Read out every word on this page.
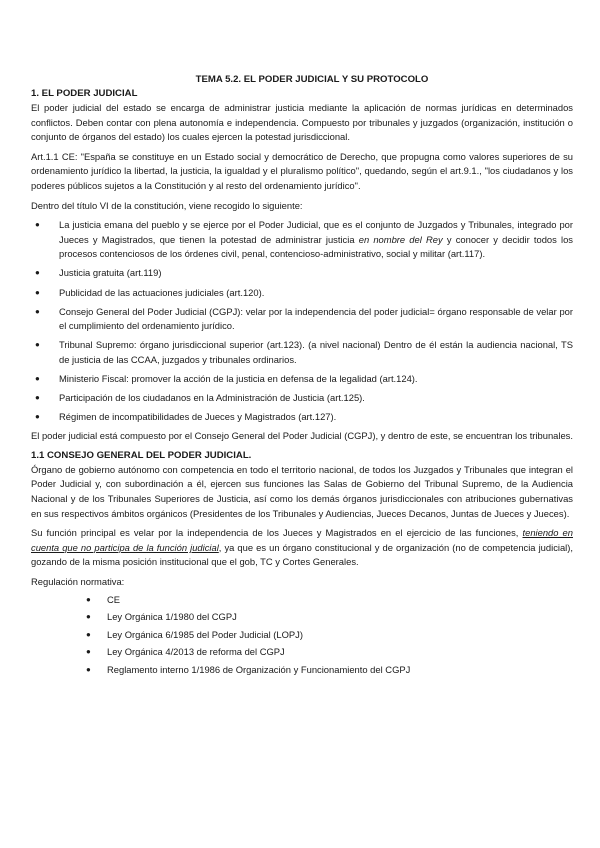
TEMA 5.2. EL PODER JUDICIAL Y SU PROTOCOLO
1. EL PODER JUDICIAL

El poder judicial del estado se encarga de administrar justicia mediante la aplicación de normas jurídicas en determinados conflictos. Deben contar con plena autonomía e independencia. Compuesto por tribunales y juzgados (organización, institución o conjunto de órganos del estado) los cuales ejercen la potestad jurisdiccional.

Art.1.1 CE: "España se constituye en un Estado social y democrático de Derecho, que propugna como valores superiores de su ordenamiento jurídico la libertad, la justicia, la igualdad y el pluralismo político", quedando, según el art.9.1., "los ciudadanos y los poderes públicos sujetos a la Constitución y al resto del ordenamiento jurídico".

Dentro del título VI de la constitución, viene recogido lo siguiente:

● La justicia emana del pueblo y se ejerce por el Poder Judicial, que es el conjunto de Juzgados y Tribunales, integrado por Jueces y Magistrados, que tienen la potestad de administrar justicia en nombre del Rey y conocer y decidir todos los procesos contenciosos de los órdenes civil, penal, contencioso-administrativo, social y militar (art.117).
● Justicia gratuita (art.119)
● Publicidad de las actuaciones judiciales (art.120).
● Consejo General del Poder Judicial (CGPJ): velar por la independencia del poder judicial= órgano responsable de velar por el cumplimiento del ordenamiento jurídico.
● Tribunal Supremo: órgano jurisdiccional superior (art.123). (a nivel nacional) Dentro de él están la audiencia nacional, TS de justicia de las CCAA, juzgados y tribunales ordinarios.
● Ministerio Fiscal: promover la acción de la justicia en defensa de la legalidad (art.124).
● Participación de los ciudadanos en la Administración de Justicia (art.125).
● Régimen de incompatibilidades de Jueces y Magistrados (art.127).

El poder judicial está compuesto por el Consejo General del Poder Judicial (CGPJ), y dentro de este, se encuentran los tribunales.

1.1 CONSEJO GENERAL DEL PODER JUDICIAL.

Órgano de gobierno autónomo con competencia en todo el territorio nacional, de todos los Juzgados y Tribunales que integran el Poder Judicial y, con subordinación a él, ejercen sus funciones las Salas de Gobierno del Tribunal Supremo, de la Audiencia Nacional y de los Tribunales Superiores de Justicia, así como los demás órganos jurisdiccionales con atribuciones gubernativas en sus respectivos ámbitos orgánicos (Presidentes de los Tribunales y Audiencias, Jueces Decanos, Juntas de Jueces y Jueces).

Su función principal es velar por la independencia de los Jueces y Magistrados en el ejercicio de las funciones, teniendo en cuenta que no participa de la función judicial, ya que es un órgano constitucional y de organización (no de competencia judicial), gozando de la misma posición institucional que el gob, TC y Cortes Generales.

Regulación normativa:
● CE
● Ley Orgánica 1/1980 del CGPJ
● Ley Orgánica 6/1985 del Poder Judicial (LOPJ)
● Ley Orgánica 4/2013 de reforma del CGPJ
● Reglamento interno 1/1986 de Organización y Funcionamiento del CGPJ
